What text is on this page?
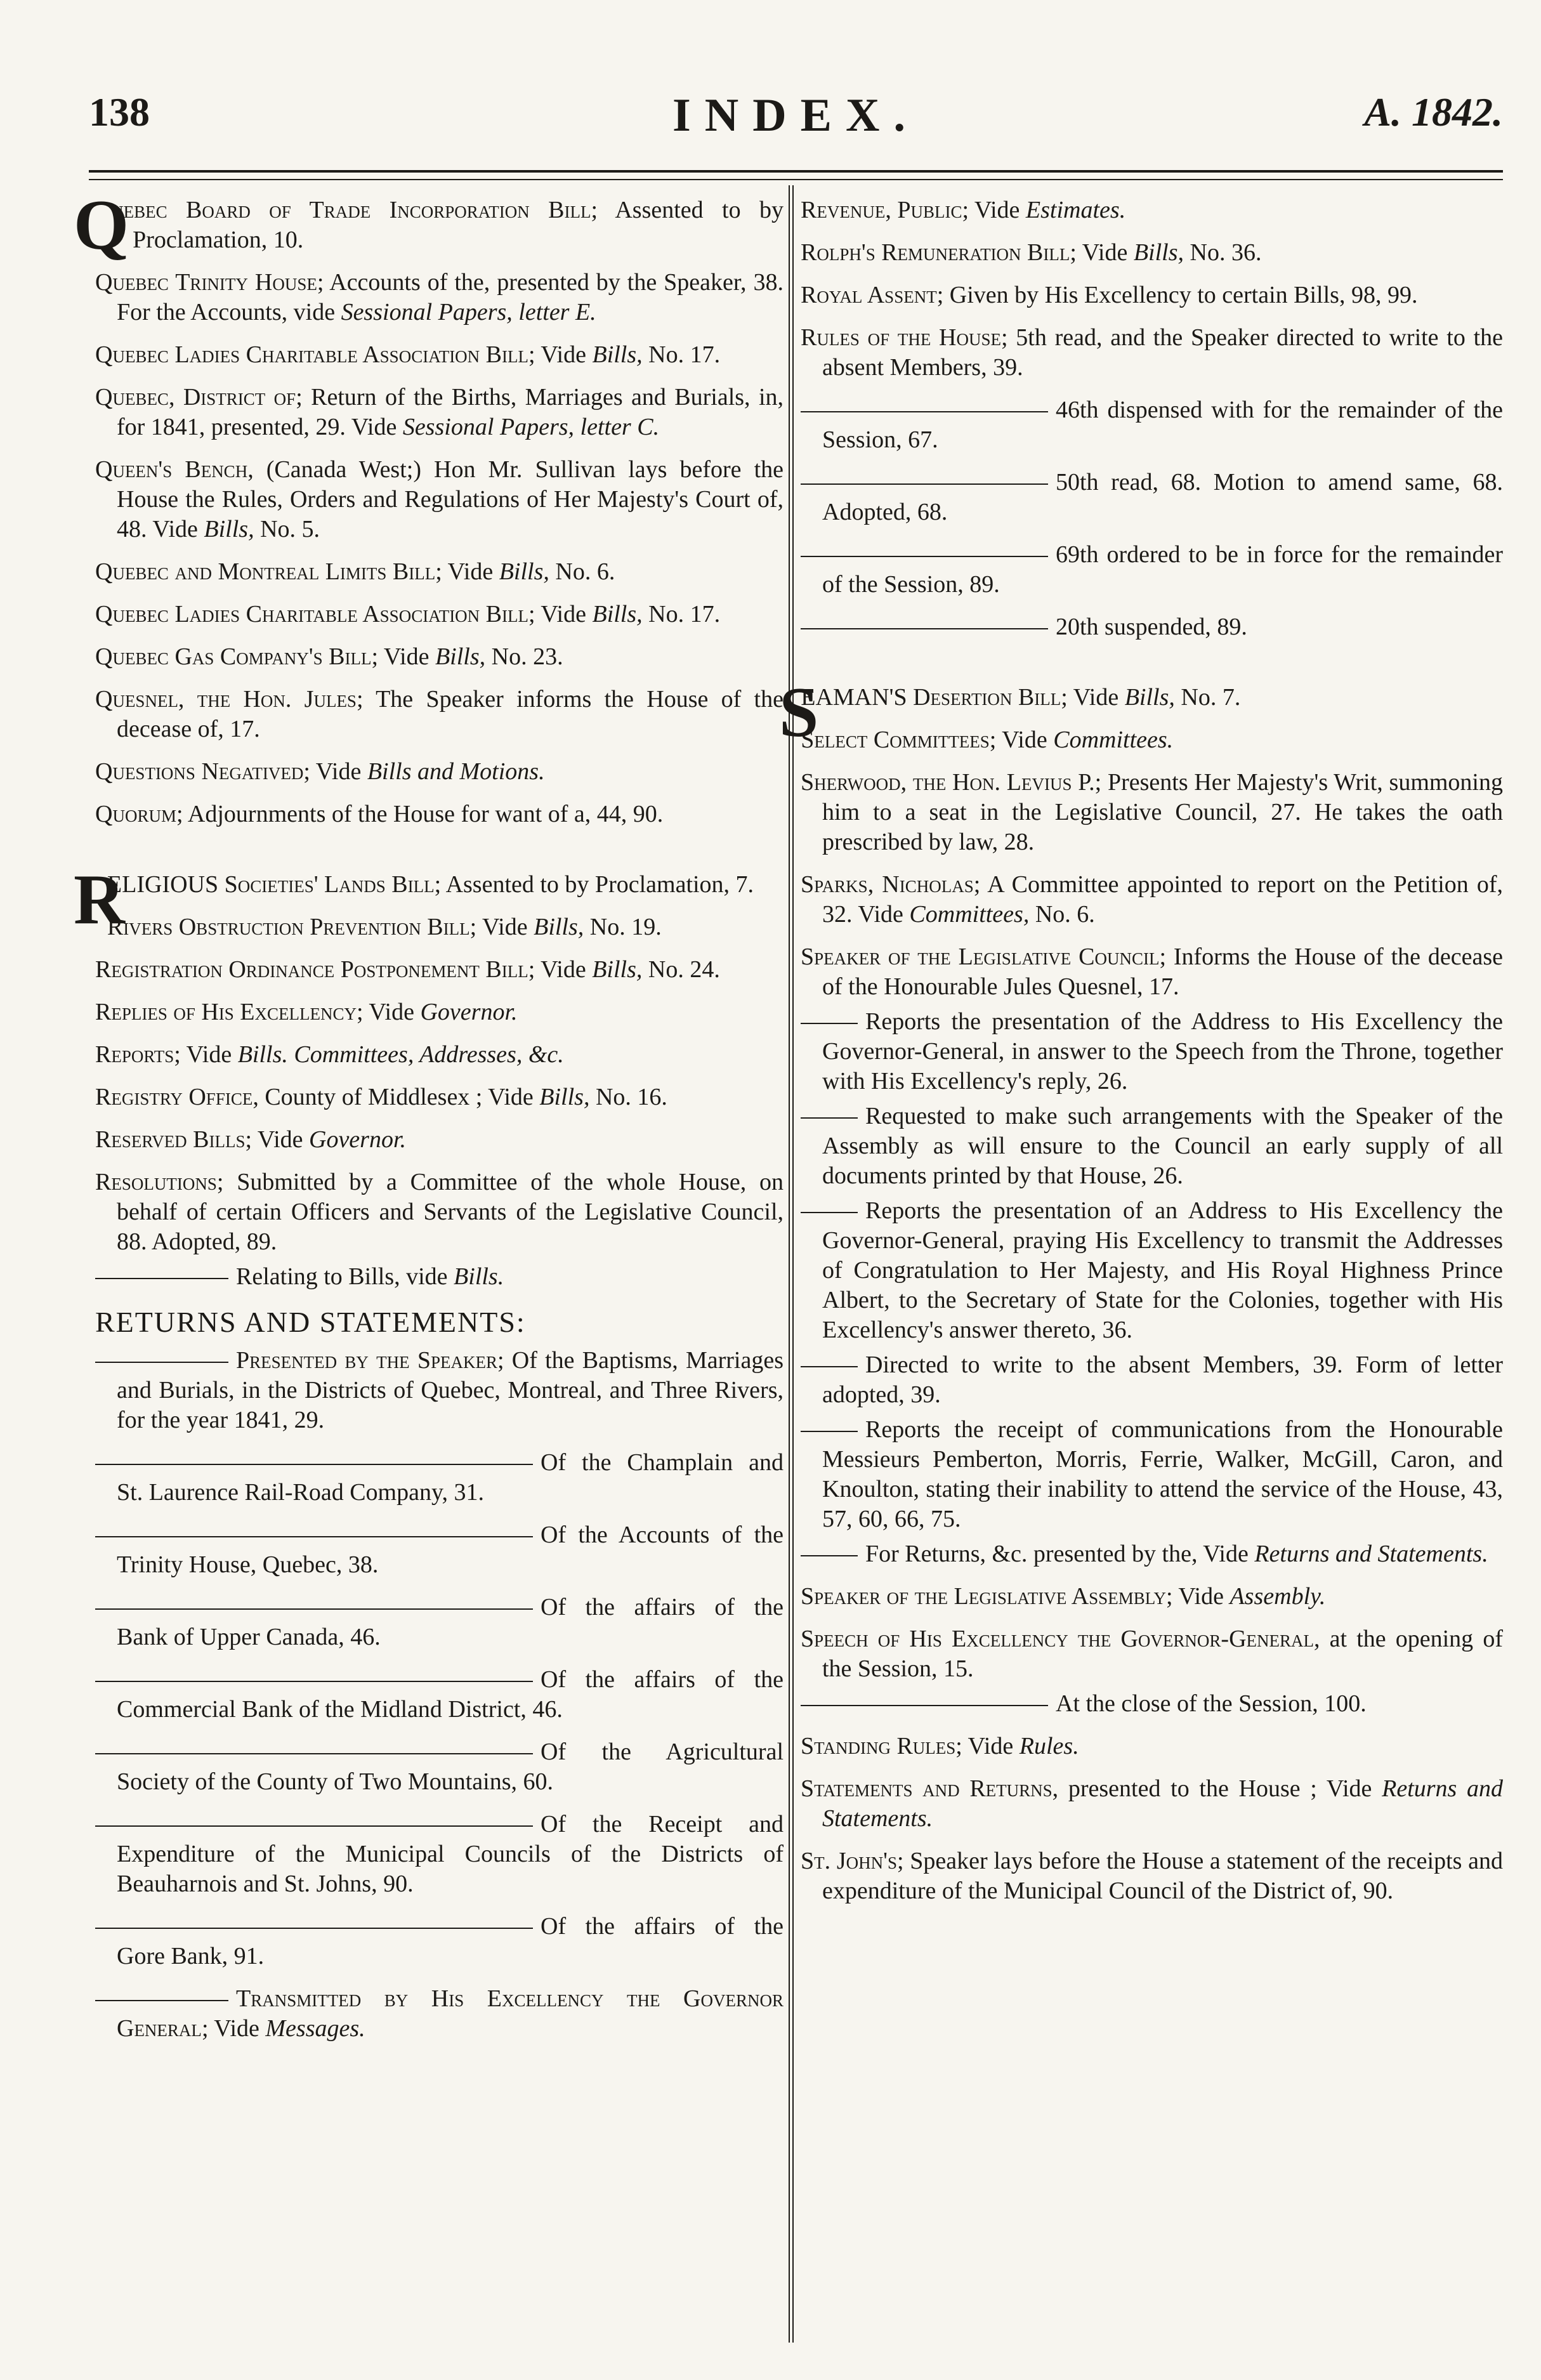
138	INDEX.	A. 1842.

Q
uebec Board of Trade Incorporation Bill; Assented to by Proclamation, 10.

Quebec Trinity House; Accounts of the, presented by the Speaker, 38. For the Accounts, vide Sessional Papers, letter E.

Quebec Ladies Charitable Association Bill; Vide Bills, No. 17.

Quebec, District of; Return of the Births, Marriages and Burials, in, for 1841, presented, 29. Vide Sessional Papers, letter C.

Queen's Bench, (Canada West;) Hon Mr. Sullivan lays before the House the Rules, Orders and Regulations of Her Majesty's Court of, 48. Vide Bills, No. 5.

Quebec and Montreal Limits Bill; Vide Bills, No. 6.

Quebec Ladies Charitable Association Bill; Vide Bills, No. 17.

Quebec Gas Company's Bill; Vide Bills, No. 23.

Quesnel, the Hon. Jules; The Speaker informs the House of the decease of, 17.

Questions Negatived; Vide Bills and Motions.

Quorum; Adjournments of the House for want of a, 44, 90.

R
ELIGIOUS Societies' Lands Bill; Assented to by Proclamation, 7.

Rivers Obstruction Prevention Bill; Vide Bills, No. 19.

Registration Ordinance Postponement Bill; Vide Bills, No. 24.

Replies of His Excellency; Vide Governor.

Reports; Vide Bills. Committees, Addresses, &c.

Registry Office, County of Middlesex ; Vide Bills, No. 16.

Reserved Bills; Vide Governor.

Resolutions; Submitted by a Committee of the whole House, on behalf of certain Officers and Servants of the Legislative Council, 88. Adopted, 89.

Relating to Bills, vide Bills.

RETURNS AND STATEMENTS:

Presented by the Speaker; Of the Baptisms, Marriages and Burials, in the Districts of Quebec, Montreal, and Three Rivers, for the year 1841, 29.

Of the Champlain and St. Laurence Rail-Road Company, 31.

Of the Accounts of the Trinity House, Quebec, 38.

Of the affairs of the Bank of Upper Canada, 46.

Of the affairs of the Commercial Bank of the Midland District, 46.

Of the Agricultural Society of the County of Two Mountains, 60.

Of the Receipt and Expenditure of the Municipal Councils of the Districts of Beauharnois and St. Johns, 90.

Of the affairs of the Gore Bank, 91.

Transmitted by His Excellency the Governor General; Vide Messages.

Revenue, Public; Vide Estimates.

Rolph's Remuneration Bill; Vide Bills, No. 36.

Royal Assent; Given by His Excellency to certain Bills, 98, 99.

Rules of the House; 5th read, and the Speaker directed to write to the absent Members, 39.

46th dispensed with for the remainder of the Session, 67.

50th read, 68. Motion to amend same, 68. Adopted, 68.

69th ordered to be in force for the remainder of the Session, 89.

20th suspended, 89.

S
EAMAN'S Desertion Bill; Vide Bills, No. 7.

Select Committees; Vide Committees.

Sherwood, the Hon. Levius P.; Presents Her Majesty's Writ, summoning him to a seat in the Legislative Council, 27. He takes the oath prescribed by law, 28.

Sparks, Nicholas; A Committee appointed to report on the Petition of, 32. Vide Committees, No. 6.

Speaker of the Legislative Council; Informs the House of the decease of the Honourable Jules Quesnel, 17.

Reports the presentation of the Address to His Excellency the Governor-General, in answer to the Speech from the Throne, together with His Excellency's reply, 26.

Requested to make such arrangements with the Speaker of the Assembly as will ensure to the Council an early supply of all documents printed by that House, 26.

Reports the presentation of an Address to His Excellency the Governor-General, praying His Excellency to transmit the Addresses of Congratulation to Her Majesty, and His Royal Highness Prince Albert, to the Secretary of State for the Colonies, together with His Excellency's answer thereto, 36.

Directed to write to the absent Members, 39. Form of letter adopted, 39.

Reports the receipt of communications from the Honourable Messieurs Pemberton, Morris, Ferrie, Walker, McGill, Caron, and Knoulton, stating their inability to attend the service of the House, 43, 57, 60, 66, 75.

For Returns, &c. presented by the, Vide Returns and Statements.

Speaker of the Legislative Assembly; Vide Assembly.

Speech of His Excellency the Governor-General, at the opening of the Session, 15.

At the close of the Session, 100.

Standing Rules; Vide Rules.

Statements and Returns, presented to the House ; Vide Returns and Statements.

St. John's; Speaker lays before the House a statement of the receipts and expenditure of the Municipal Council of the District of, 90.
